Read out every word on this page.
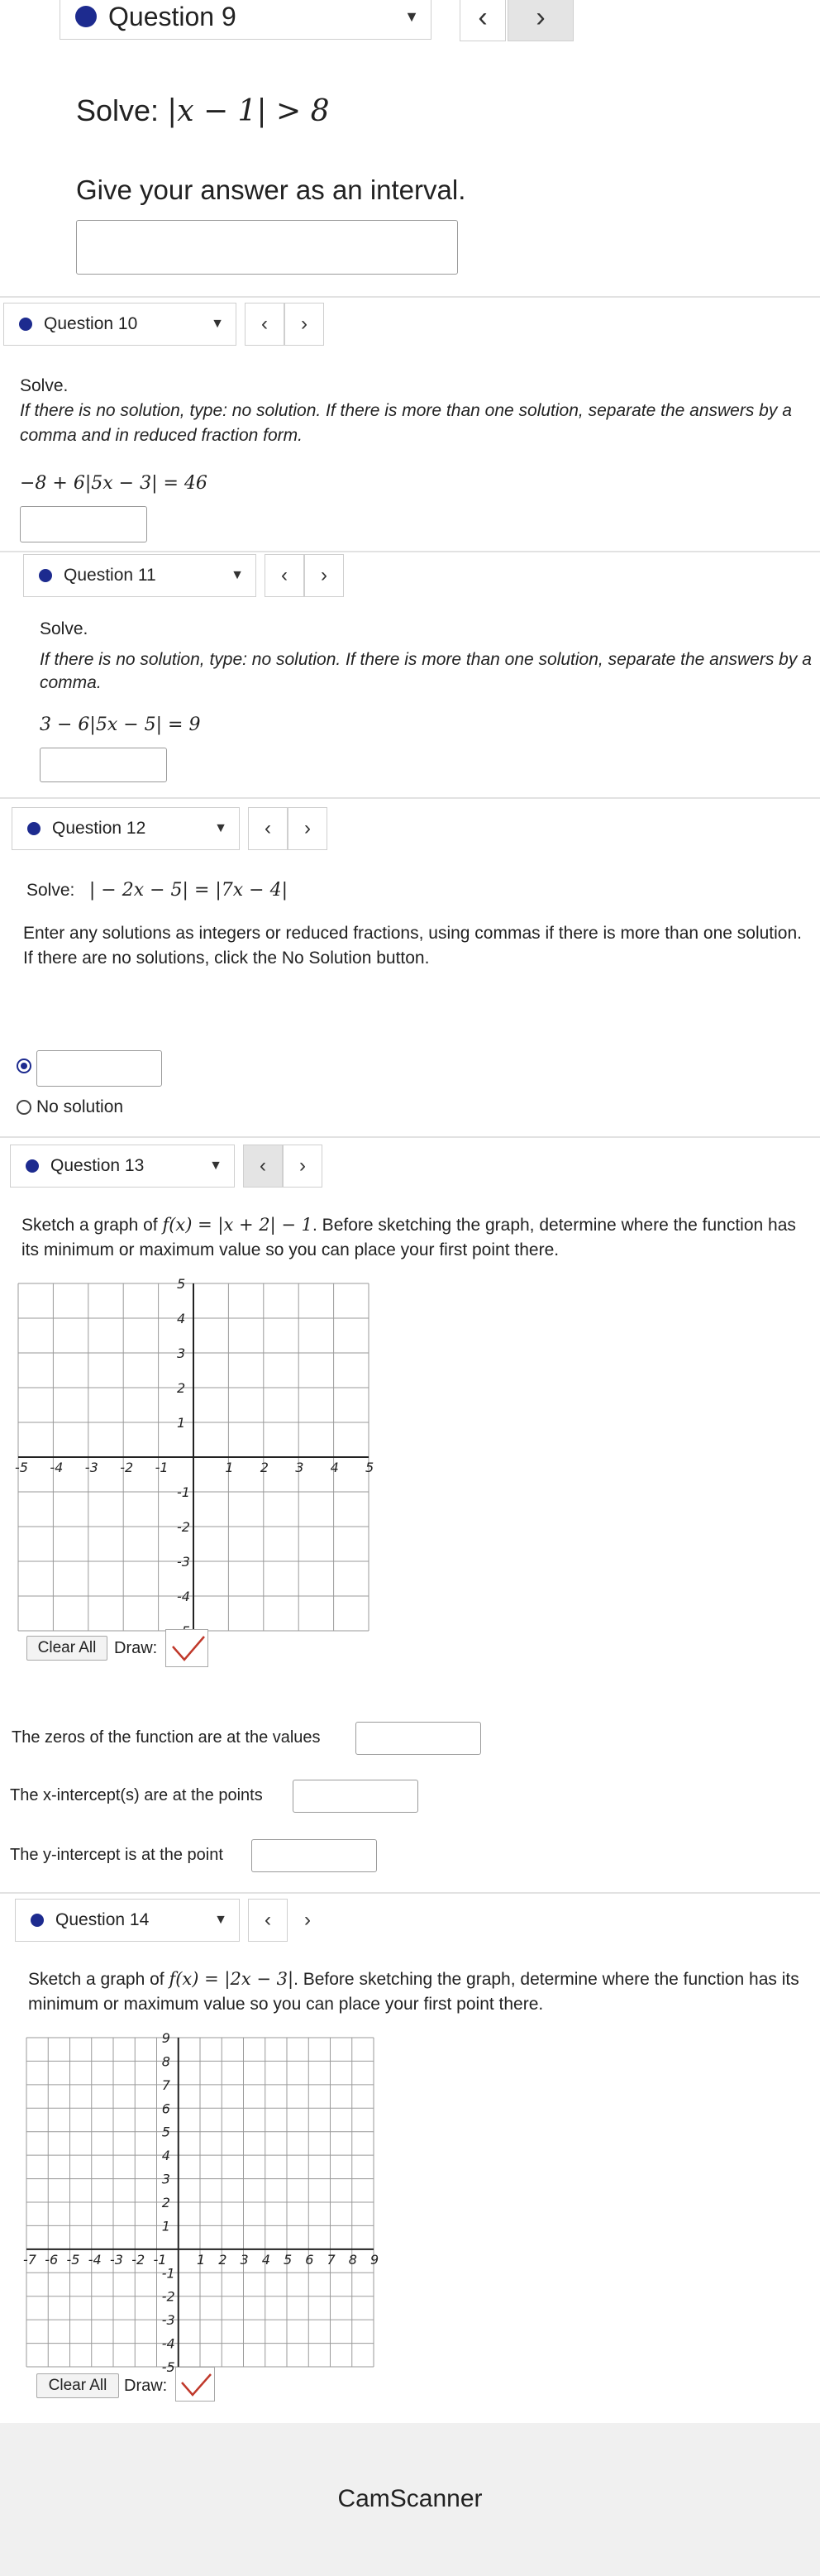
Question 9	▼ ‹ ›
Solve: |x − 1| > 8
Give your answer as an interval.
Question 10	▼ ‹ ›
Solve.
If there is no solution, type: no solution. If there is more than one solution, separate the answers by a comma and in reduced fraction form.
−8 + 6|5x − 3| = 46
Question 11	▼ ‹ ›
Solve.
If there is no solution, type: no solution. If there is more than one solution, separate the answers by a comma.
3 − 6|5x − 5| = 9
Question 12	▼ ‹ ›
Solve: | − 2x − 5| = |7x − 4|
Enter any solutions as integers or reduced fractions, using commas if there is more than one solution. If there are no solutions, click the No Solution button.
No solution
Question 13	▼ ‹ ›
Sketch a graph of f(x) = |x + 2| − 1. Before sketching the graph, determine where the function has its minimum or maximum value so you can place your first point there.
-5 -4 -3 -2 -1	1 2 3 4 5
5
4
3
2
1
-1
-2
-3
-4
Clear All	Draw:
The zeros of the function are at the values
The x-intercept(s) are at the points
The y-intercept is at the point
Question 14	▼ ‹ ›
Sketch a graph of f(x) = |2x − 3|. Before sketching the graph, determine where the function has its minimum or maximum value so you can place your first point there.
-7 -6 -5 -4 -3 -2 -1 1 2 3 4 5 6 7 8 9
9
8
7
6
5
4
3
2
1
-1
-2
-3
-4
-5
Clear All	Draw:
CamScanner
